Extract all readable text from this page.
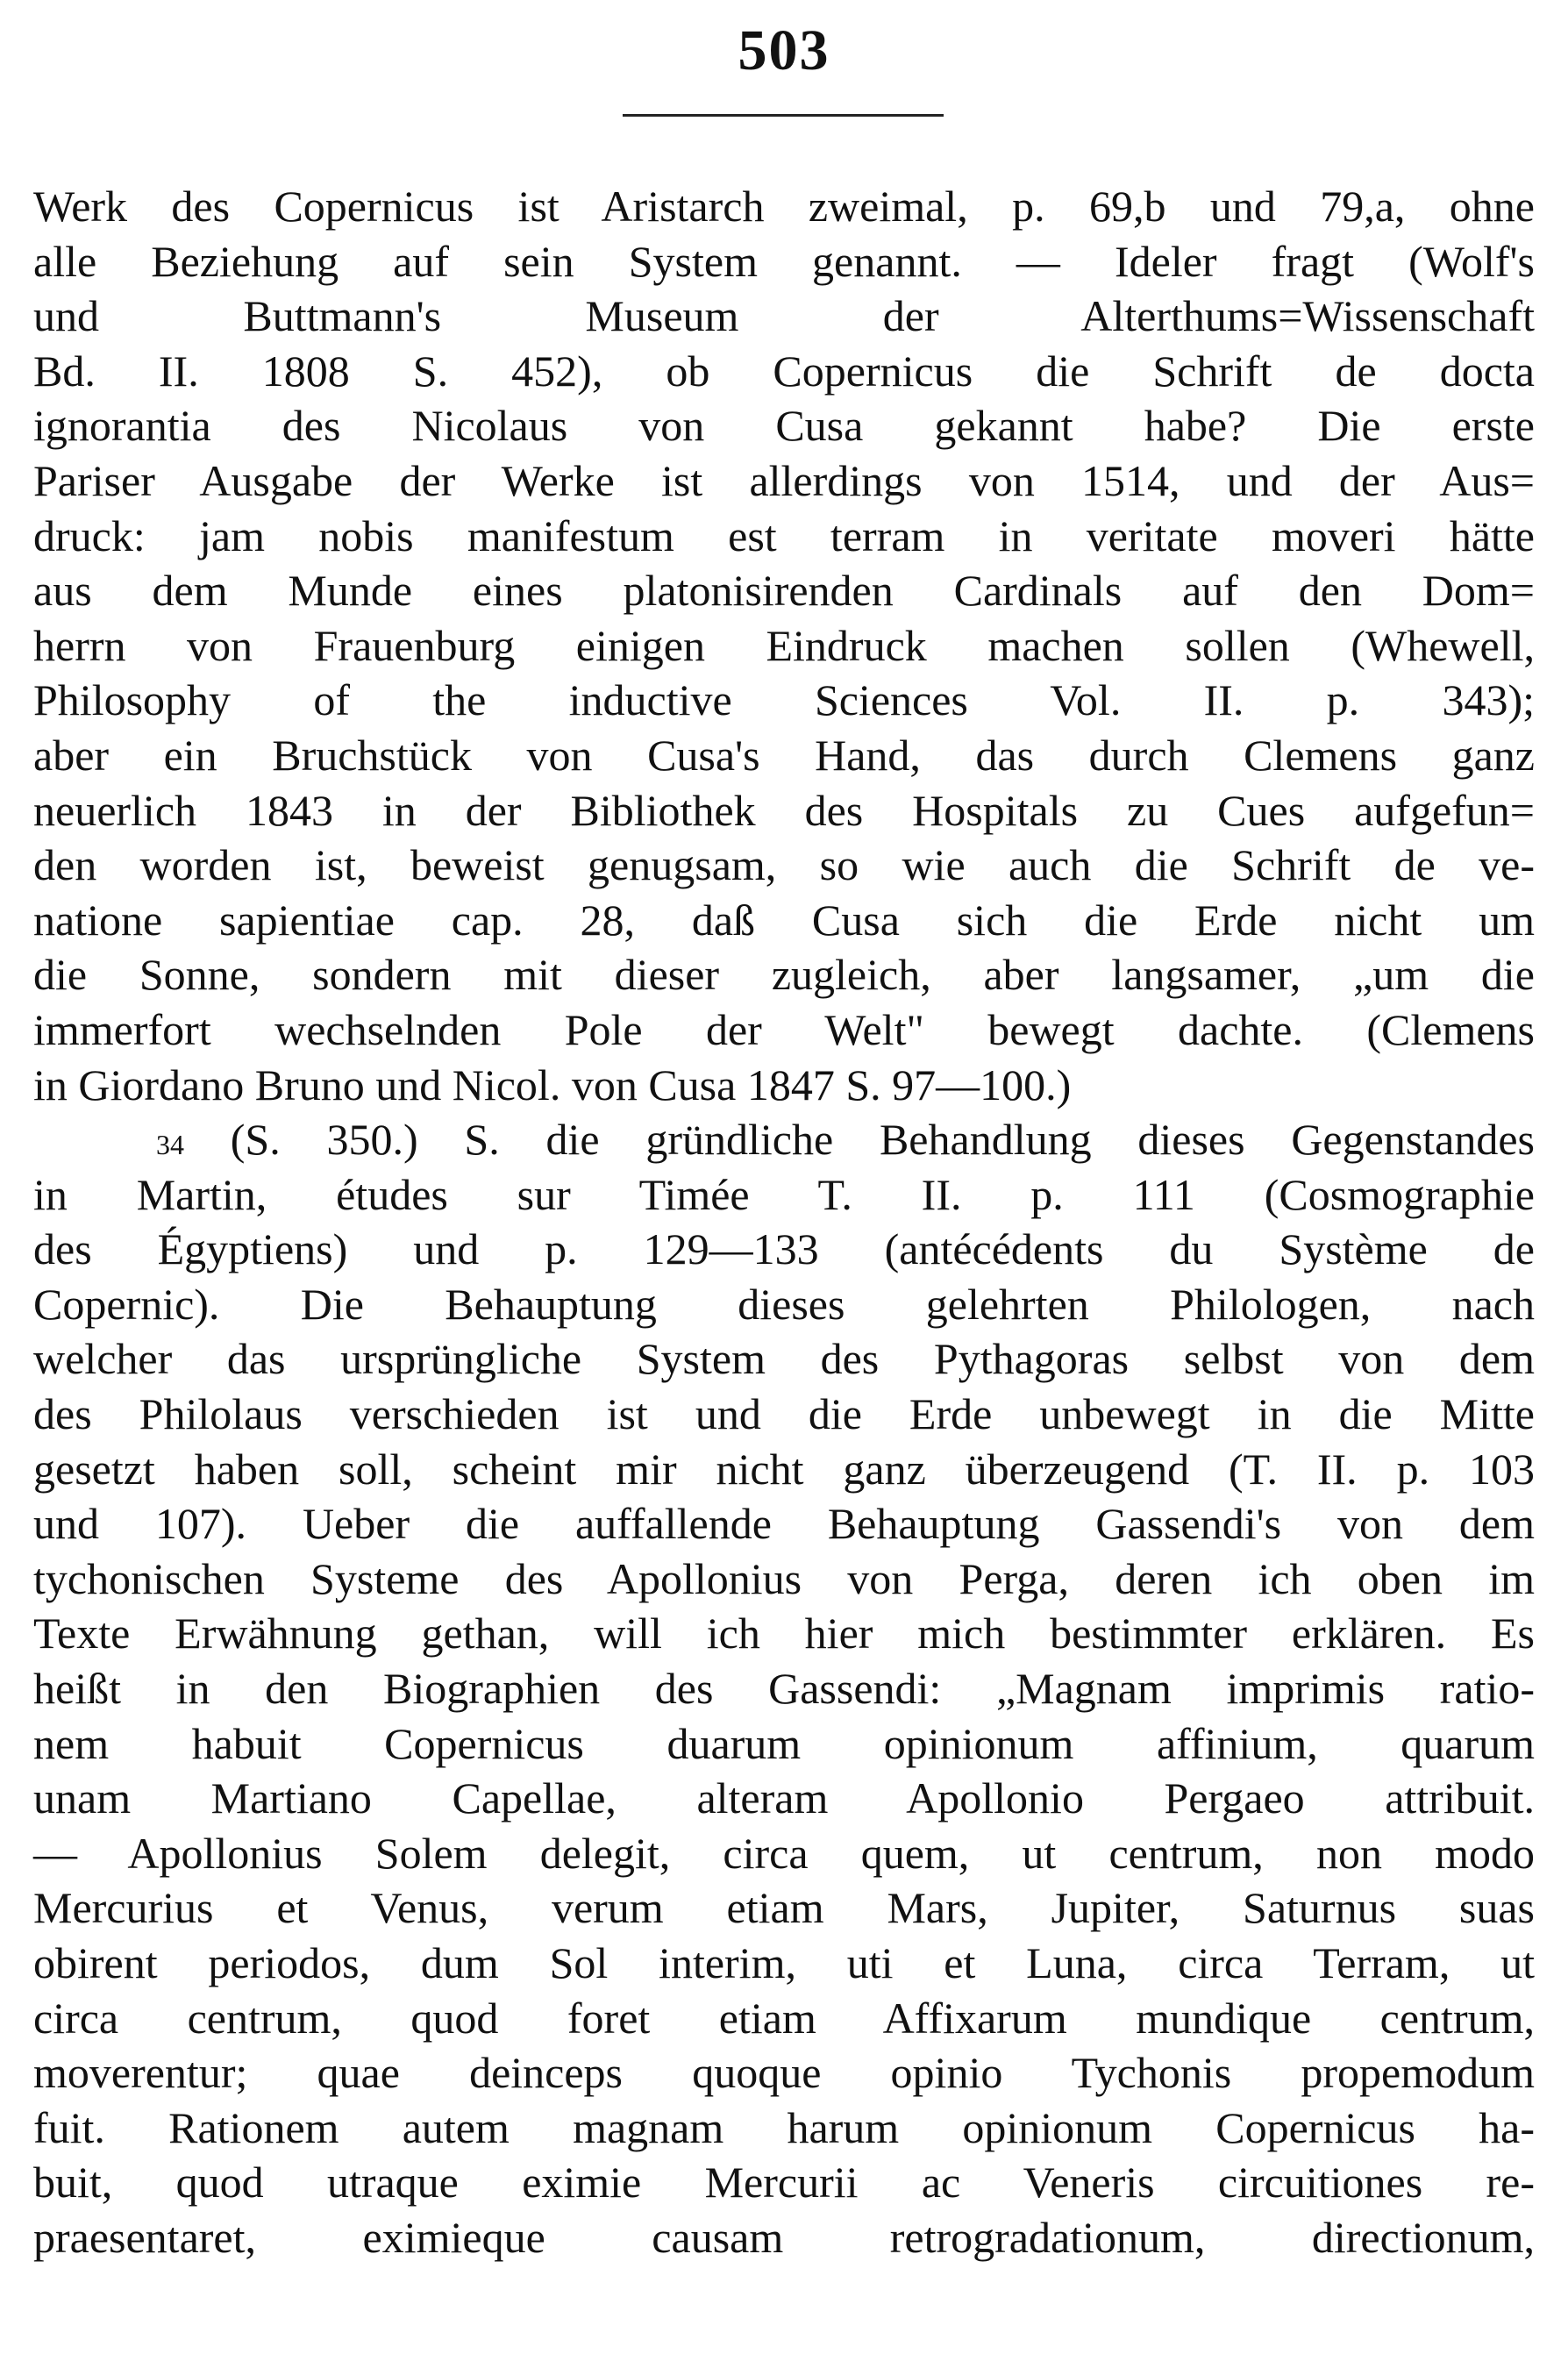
503
Werk des Copernicus ist Aristarch zweimal, p. 69,b und 79,a, ohne
alle Beziehung auf sein System genannt. — Ideler fragt (Wolf's
und Buttmann's Museum der Alterthums=Wissenschaft
Bd. II. 1808 S. 452), ob Copernicus die Schrift de docta
ignorantia des Nicolaus von Cusa gekannt habe? Die erste
Pariser Ausgabe der Werke ist allerdings von 1514, und der Aus=
druck: jam nobis manifestum est terram in veritate moveri hätte
aus dem Munde eines platonisirenden Cardinals auf den Dom=
herrn von Frauenburg einigen Eindruck machen sollen (Whewell,
Philosophy of the inductive Sciences Vol. II. p. 343);
aber ein Bruchstück von Cusa's Hand, das durch Clemens ganz
neuerlich 1843 in der Bibliothek des Hospitals zu Cues aufgefun=
den worden ist, beweist genugsam, so wie auch die Schrift de ve-
natione sapientiae cap. 28, daß Cusa sich die Erde nicht um
die Sonne, sondern mit dieser zugleich, aber langsamer, „um die
immerfort wechselnden Pole der Welt" bewegt dachte. (Clemens
in Giordano Bruno und Nicol. von Cusa 1847 S. 97—100.)
34 (S. 350.) S. die gründliche Behandlung dieses Gegenstandes
in Martin, études sur Timée T. II. p. 111 (Cosmographie
des Égyptiens) und p. 129—133 (antécédents du Système de
Copernic). Die Behauptung dieses gelehrten Philologen, nach
welcher das ursprüngliche System des Pythagoras selbst von dem
des Philolaus verschieden ist und die Erde unbewegt in die Mitte
gesetzt haben soll, scheint mir nicht ganz überzeugend (T. II. p. 103
und 107). Ueber die auffallende Behauptung Gassendi's von dem
tychonischen Systeme des Apollonius von Perga, deren ich oben im
Texte Erwähnung gethan, will ich hier mich bestimmter erklären. Es
heißt in den Biographien des Gassendi: „Magnam imprimis ratio-
nem habuit Copernicus duarum opinionum affinium, quarum
unam Martiano Capellae, alteram Apollonio Pergaeo attribuit.
— Apollonius Solem delegit, circa quem, ut centrum, non modo
Mercurius et Venus, verum etiam Mars, Jupiter, Saturnus suas
obirent periodos, dum Sol interim, uti et Luna, circa Terram, ut
circa centrum, quod foret etiam Affixarum mundique centrum,
moverentur; quae deinceps quoque opinio Tychonis propemodum
fuit. Rationem autem magnam harum opinionum Copernicus ha-
buit, quod utraque eximie Mercurii ac Veneris circuitiones re-
praesentaret, eximieque causam retrogradationum, directionum,
